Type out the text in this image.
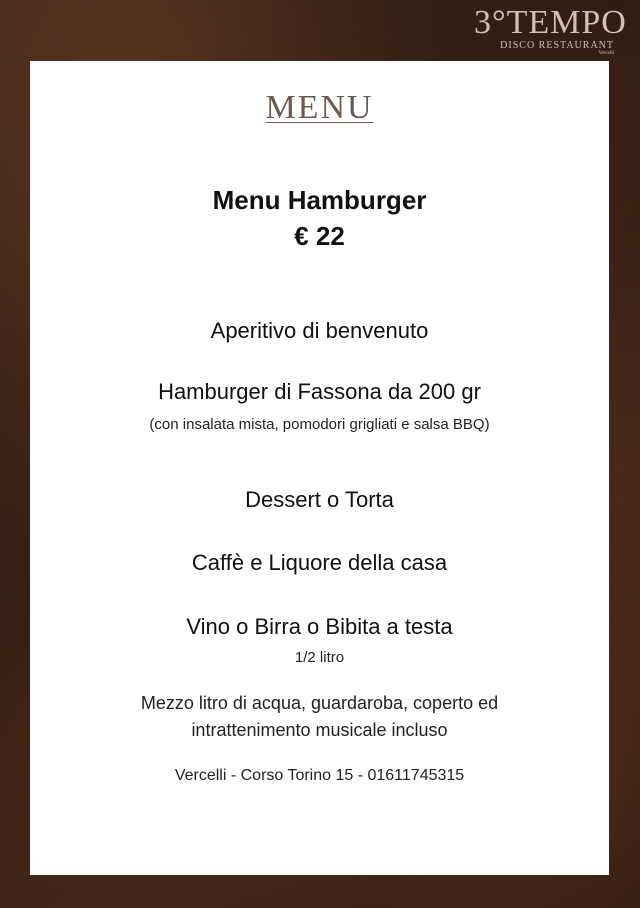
3°TEMPO
DISCO RESTAURANT
Vercelli
MENU
Menu Hamburger
€ 22
Aperitivo di benvenuto
Hamburger di Fassona da 200 gr
(con insalata mista, pomodori grigliati e salsa BBQ)
Dessert o Torta
Caffè e Liquore della casa
Vino o Birra o Bibita a testa
1/2 litro
Mezzo litro di acqua, guardaroba, coperto ed
intrattenimento musicale incluso
Vercelli - Corso Torino 15 - 01611745315
